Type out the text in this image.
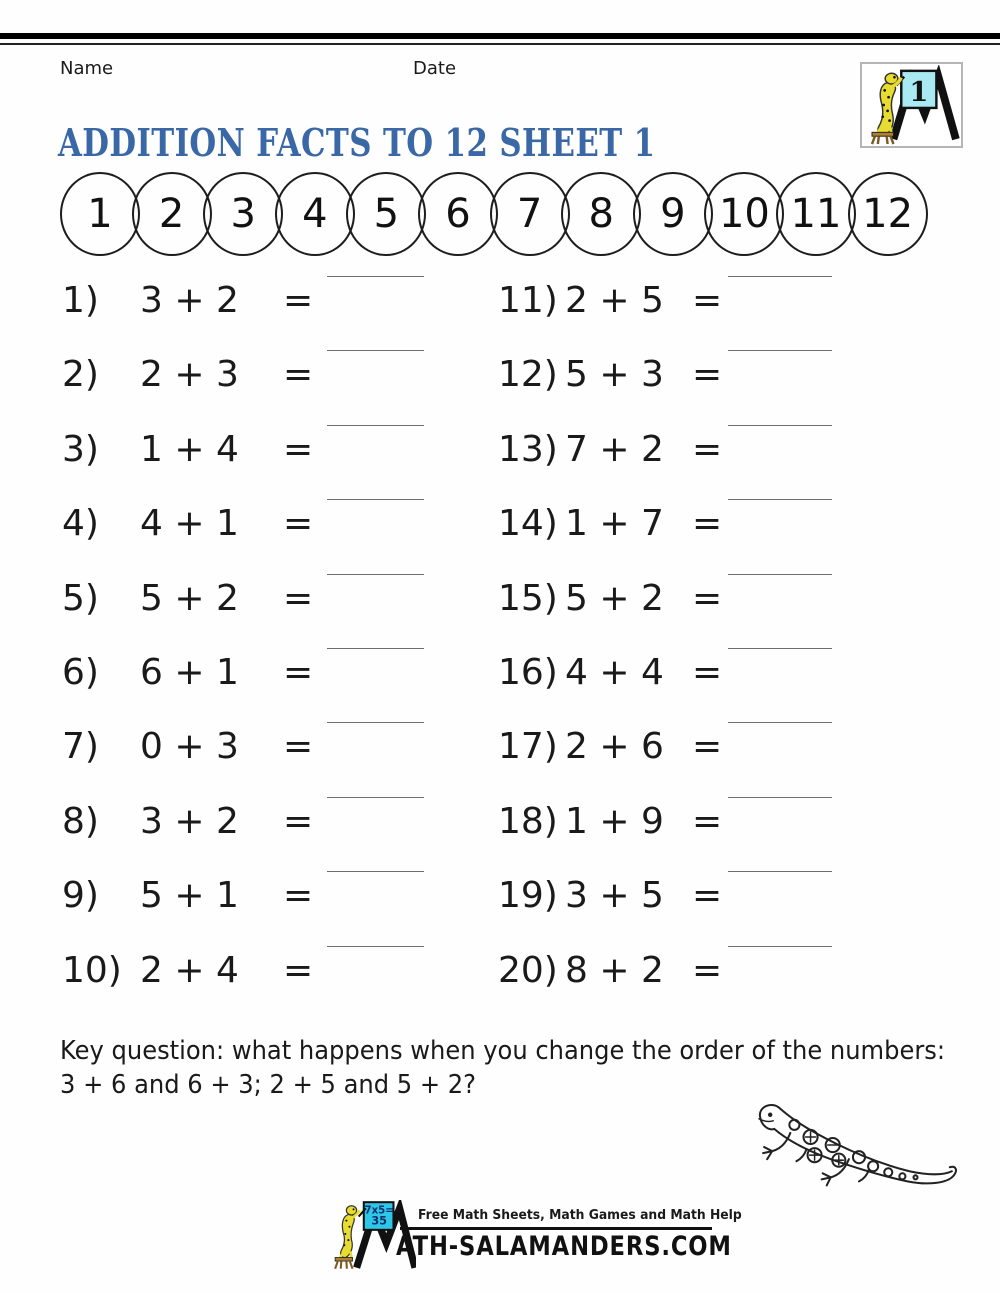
Name	Date
1
ADDITION FACTS TO 12 SHEET 1
1	2	3	4	5	6	7	8	9 10 11 12
1) 3 + 2 =
2) 2 + 3 =
3) 1 + 4 =
4) 4 + 1 =
5) 5 + 2 =
6) 6 + 1 =
7) 0 + 3 =
8) 3 + 2 =
9) 5 + 1 =
10) 2 + 4 =
11) 2 + 5 =
12) 5 + 3 =
13) 7 + 2 =
14) 1 + 7 =
15) 5 + 2 =
16) 4 + 4 =
17) 2 + 6 =
18) 1 + 9 =
19) 3 + 5 =
20) 8 + 2 =
Key question: what happens when you change the order of the numbers:
3 + 6 and 6 + 3; 2 + 5 and 5 + 2?
7x5=
35 Free Math Sheets, Math Games and Math Help
ATH-SALAMANDERS.COM
